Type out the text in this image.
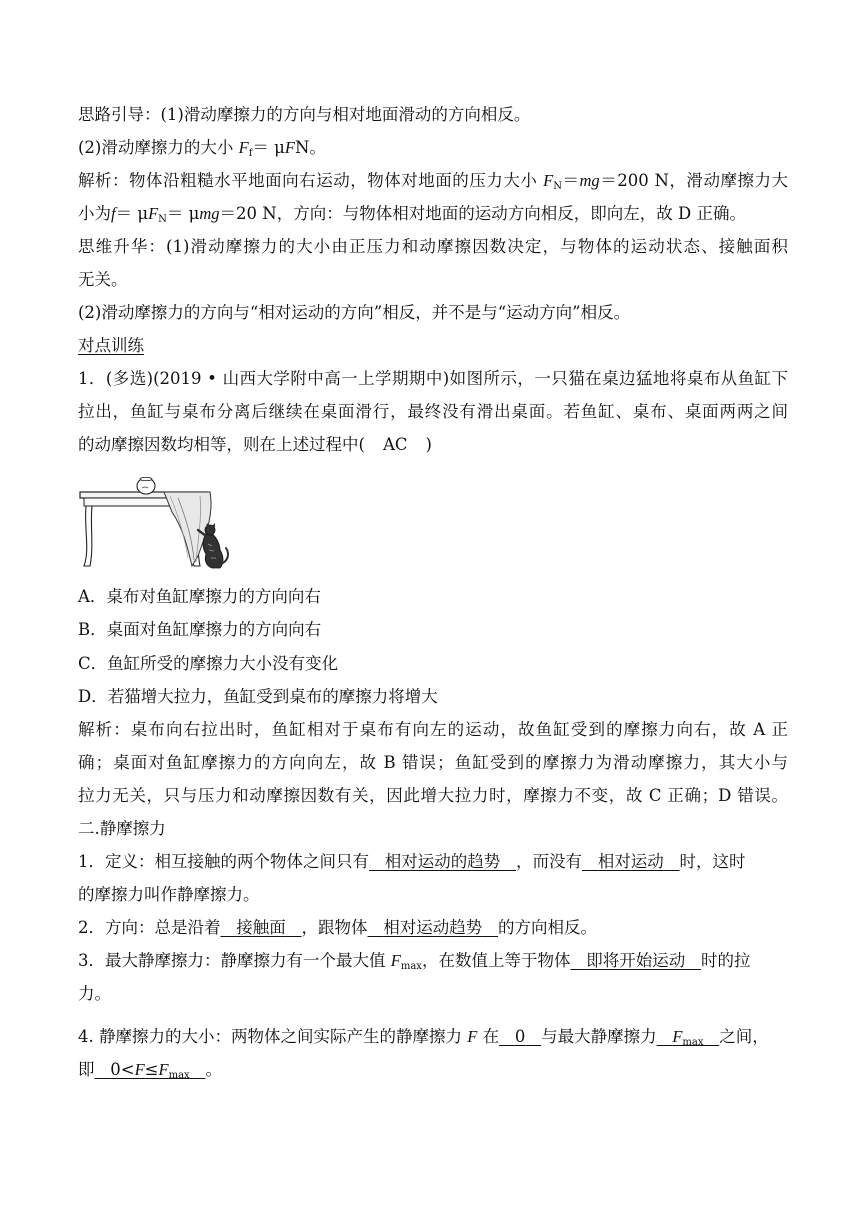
思路引导：(1)滑动摩擦力的方向与相对地面滑动的方向相反。
(2)滑动摩擦力的大小 $F_f= \mu FN$。
解析：物体沿粗糙水平地面向右运动，物体对地面的压力大小 $F_N=mg=200$ N，滑动摩擦力大
小为$f= \mu F_N= \mu mg=20$ N，方向：与物体相对地面的运动方向相反，即向左，故 D 正确。
思维升华：(1)滑动摩擦力的大小由正压力和动摩擦因数决定，与物体的运动状态、接触面积
无关。
(2)滑动摩擦力的方向与“相对运动的方向”相反，并不是与“运动方向”相反。
对点训练
1．(多选)(2019 • 山西大学附中高一上学期期中)如图所示，一只猫在桌边猛地将桌布从鱼缸下
拉出，鱼缸与桌布分离后继续在桌面滑行，最终没有滑出桌面。若鱼缸、桌布、桌面两两之间
的动摩擦因数均相等，则在上述过程中( AC )
A．桌布对鱼缸摩擦力的方向向右
B．桌面对鱼缸摩擦力的方向向右
C．鱼缸所受的摩擦力大小没有变化
D．若猫增大拉力，鱼缸受到桌布的摩擦力将增大
解析：桌布向右拉出时，鱼缸相对于桌布有向左的运动，故鱼缸受到的摩擦力向右，故 A 正
确；桌面对鱼缸摩擦力的方向向左，故 B 错误；鱼缸受到的摩擦力为滑动摩擦力，其大小与
拉力无关，只与压力和动摩擦因数有关，因此增大拉力时，摩擦力不变，故 C 正确；D 错误。
二.静摩擦力
1．定义：相互接触的两个物体之间只有 相对运动的趋势 ，而没有 相对运动 时，这时
的摩擦力叫作静摩擦力。
2．方向：总是沿着 接触面 ，跟物体 相对运动趋势 的方向相反。
3．最大静摩擦力：静摩擦力有一个最大值 $F_{max}$，在数值上等于物体 即将开始运动 时的拉
力。
4. 静摩擦力的大小：两物体之间实际产生的静摩擦力 F 在 0 与最大静摩擦力 $F_{max}$ 之间，
即 $0<F\le F_{max}$ 。
